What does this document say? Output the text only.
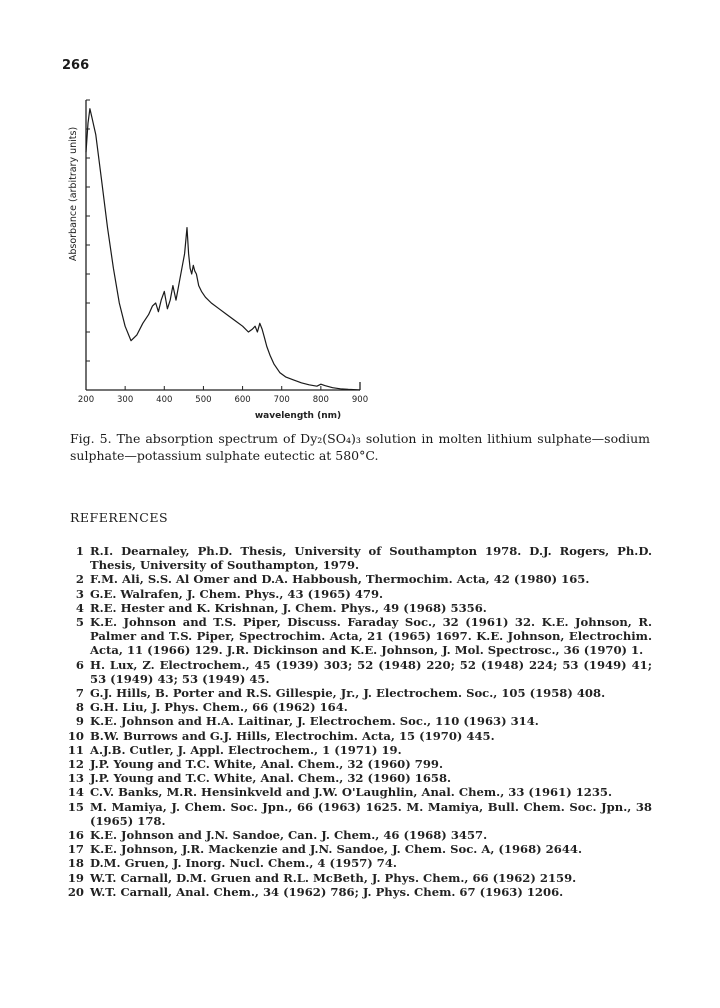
266
Absorbance (arbitrary units)
200	300	400	500	600	700	800	900
wavelength (nm)
Fig. 5. The absorption spectrum of Dy₂(SO₄)₃ solution in molten lithium sulphate—sodium sulphate—potassium sulphate eutectic at 580°C.
REFERENCES
1 R.I. Dearnaley, Ph.D. Thesis, University of Southampton 1978. D.J. Rogers, Ph.D. Thesis, University of Southampton, 1979.
2 F.M. Ali, S.S. Al Omer and D.A. Habboush, Thermochim. Acta, 42 (1980) 165.
3 G.E. Walrafen, J. Chem. Phys., 43 (1965) 479.
4 R.E. Hester and K. Krishnan, J. Chem. Phys., 49 (1968) 5356.
5 K.E. Johnson and T.S. Piper, Discuss. Faraday Soc., 32 (1961) 32. K.E. Johnson, R. Palmer and T.S. Piper, Spectrochim. Acta, 21 (1965) 1697. K.E. Johnson, Electrochim. Acta, 11 (1966) 129. J.R. Dickinson and K.E. Johnson, J. Mol. Spectrosc., 36 (1970) 1.
6 H. Lux, Z. Electrochem., 45 (1939) 303; 52 (1948) 220; 52 (1948) 224; 53 (1949) 41; 53 (1949) 43; 53 (1949) 45.
7 G.J. Hills, B. Porter and R.S. Gillespie, Jr., J. Electrochem. Soc., 105 (1958) 408.
8 G.H. Liu, J. Phys. Chem., 66 (1962) 164.
9 K.E. Johnson and H.A. Laitinar, J. Electrochem. Soc., 110 (1963) 314.
10 B.W. Burrows and G.J. Hills, Electrochim. Acta, 15 (1970) 445.
11 A.J.B. Cutler, J. Appl. Electrochem., 1 (1971) 19.
12 J.P. Young and T.C. White, Anal. Chem., 32 (1960) 799.
13 J.P. Young and T.C. White, Anal. Chem., 32 (1960) 1658.
14 C.V. Banks, M.R. Hensinkveld and J.W. O'Laughlin, Anal. Chem., 33 (1961) 1235.
15 M. Mamiya, J. Chem. Soc. Jpn., 66 (1963) 1625. M. Mamiya, Bull. Chem. Soc. Jpn., 38 (1965) 178.
16 K.E. Johnson and J.N. Sandoe, Can. J. Chem., 46 (1968) 3457.
17 K.E. Johnson, J.R. Mackenzie and J.N. Sandoe, J. Chem. Soc. A, (1968) 2644.
18 D.M. Gruen, J. Inorg. Nucl. Chem., 4 (1957) 74.
19 W.T. Carnall, D.M. Gruen and R.L. McBeth, J. Phys. Chem., 66 (1962) 2159.
20 W.T. Carnall, Anal. Chem., 34 (1962) 786; J. Phys. Chem. 67 (1963) 1206.
